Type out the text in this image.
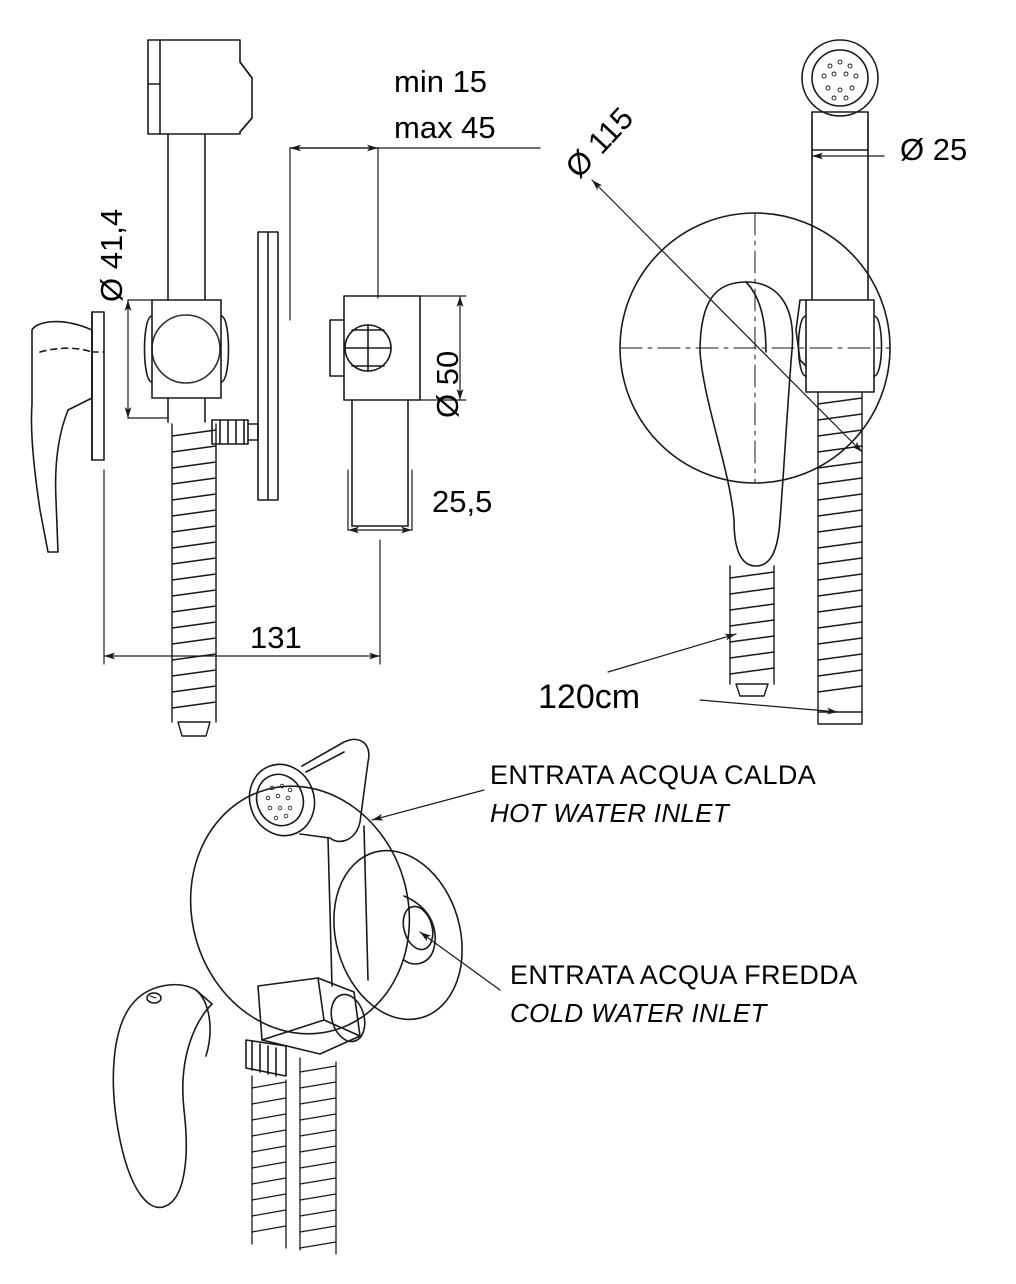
min 15
max 45
Ø 41,4
Ø 50
25,5
131
Ø 25
Ø 115
120cm
ENTRATA ACQUA CALDA
HOT WATER INLET
ENTRATA ACQUA FREDDA
COLD WATER INLET
